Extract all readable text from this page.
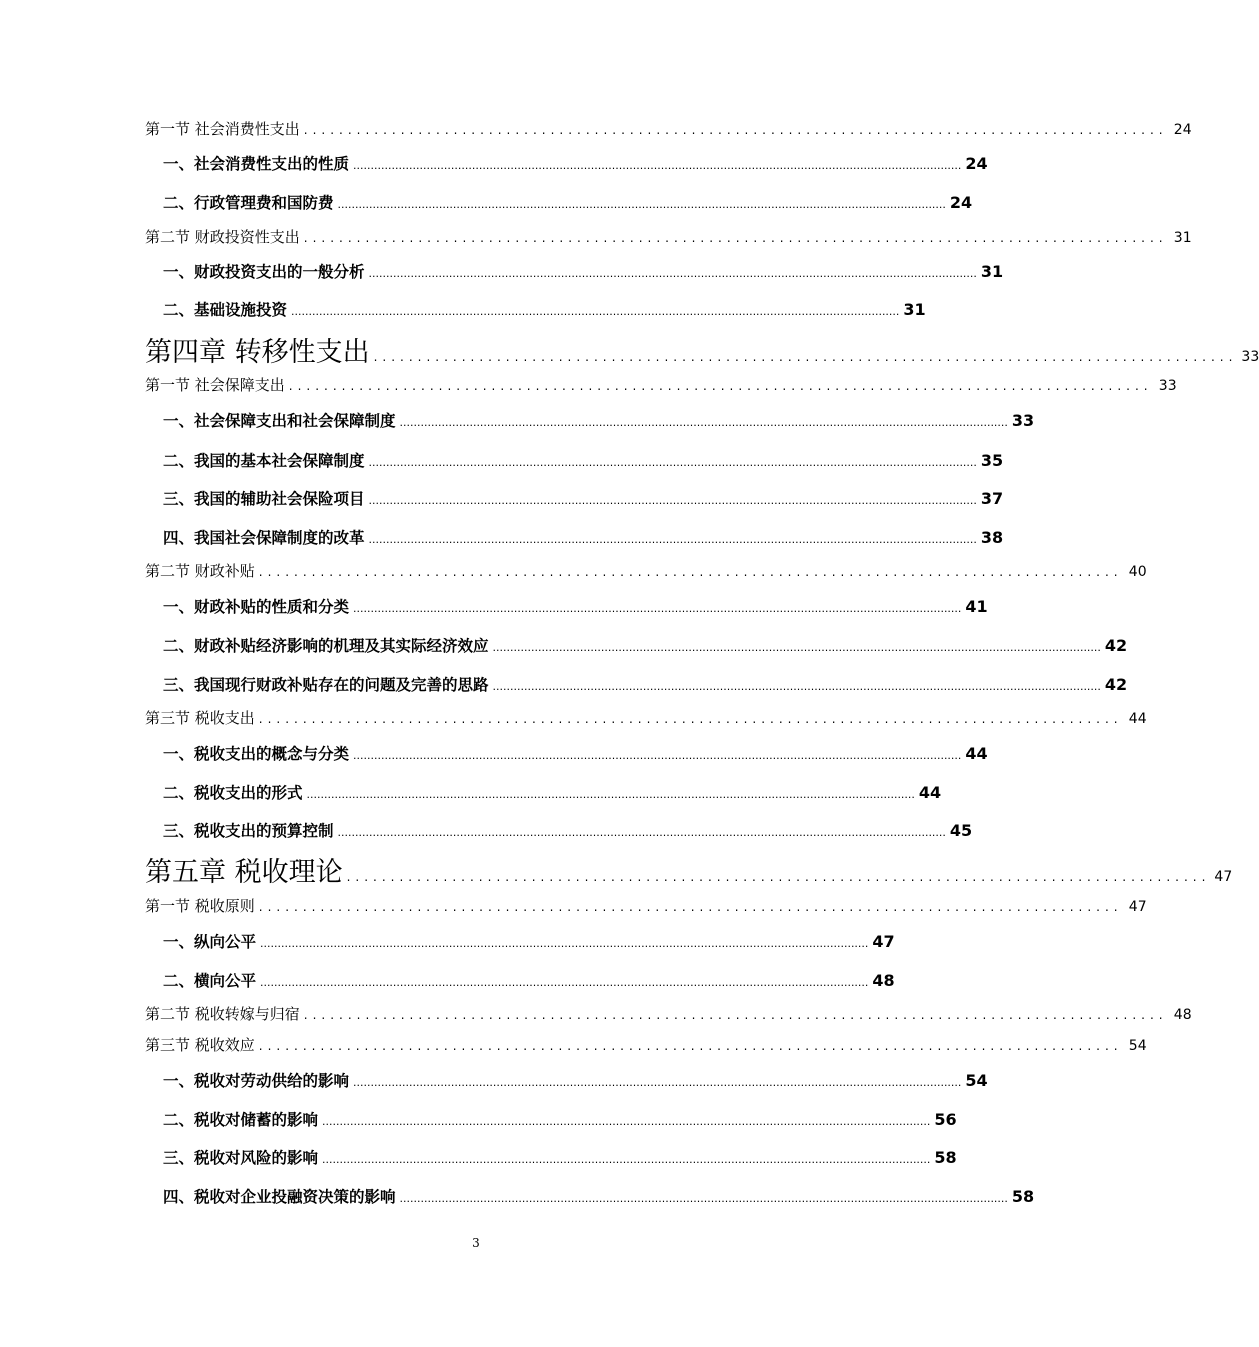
第一节 社会消费性支出 .................................................................................................. 24
一、社会消费性支出的性质 .............................................................................................................................................................................. 24
二、行政管理费和国防费 .............................................................................................................................................................................. 24
第二节 财政投资性支出 .................................................................................................. 31
一、财政投资支出的一般分析 .............................................................................................................................................................................. 31
二、基础设施投资 .............................................................................................................................................................................. 31
第四章 转移性支出 .................................................................................................. 33
第一节 社会保障支出 .................................................................................................. 33
一、社会保障支出和社会保障制度 .............................................................................................................................................................................. 33
二、我国的基本社会保障制度 .............................................................................................................................................................................. 35
三、我国的辅助社会保险项目 .............................................................................................................................................................................. 37
四、我国社会保障制度的改革 .............................................................................................................................................................................. 38
第二节 财政补贴 .................................................................................................. 40
一、财政补贴的性质和分类 .............................................................................................................................................................................. 41
二、财政补贴经济影响的机理及其实际经济效应 .............................................................................................................................................................................. 42
三、我国现行财政补贴存在的问题及完善的思路 .............................................................................................................................................................................. 42
第三节 税收支出 .................................................................................................. 44
一、税收支出的概念与分类 .............................................................................................................................................................................. 44
二、税收支出的形式 .............................................................................................................................................................................. 44
三、税收支出的预算控制 .............................................................................................................................................................................. 45
第五章 税收理论 .................................................................................................. 47
第一节 税收原则 .................................................................................................. 47
一、纵向公平 .............................................................................................................................................................................. 47
二、横向公平 .............................................................................................................................................................................. 48
第二节 税收转嫁与归宿 .................................................................................................. 48
第三节 税收效应 .................................................................................................. 54
一、税收对劳动供给的影响 .............................................................................................................................................................................. 54
二、税收对储蓄的影响 .............................................................................................................................................................................. 56
三、税收对风险的影响 .............................................................................................................................................................................. 58
四、税收对企业投融资决策的影响 .............................................................................................................................................................................. 58
3
